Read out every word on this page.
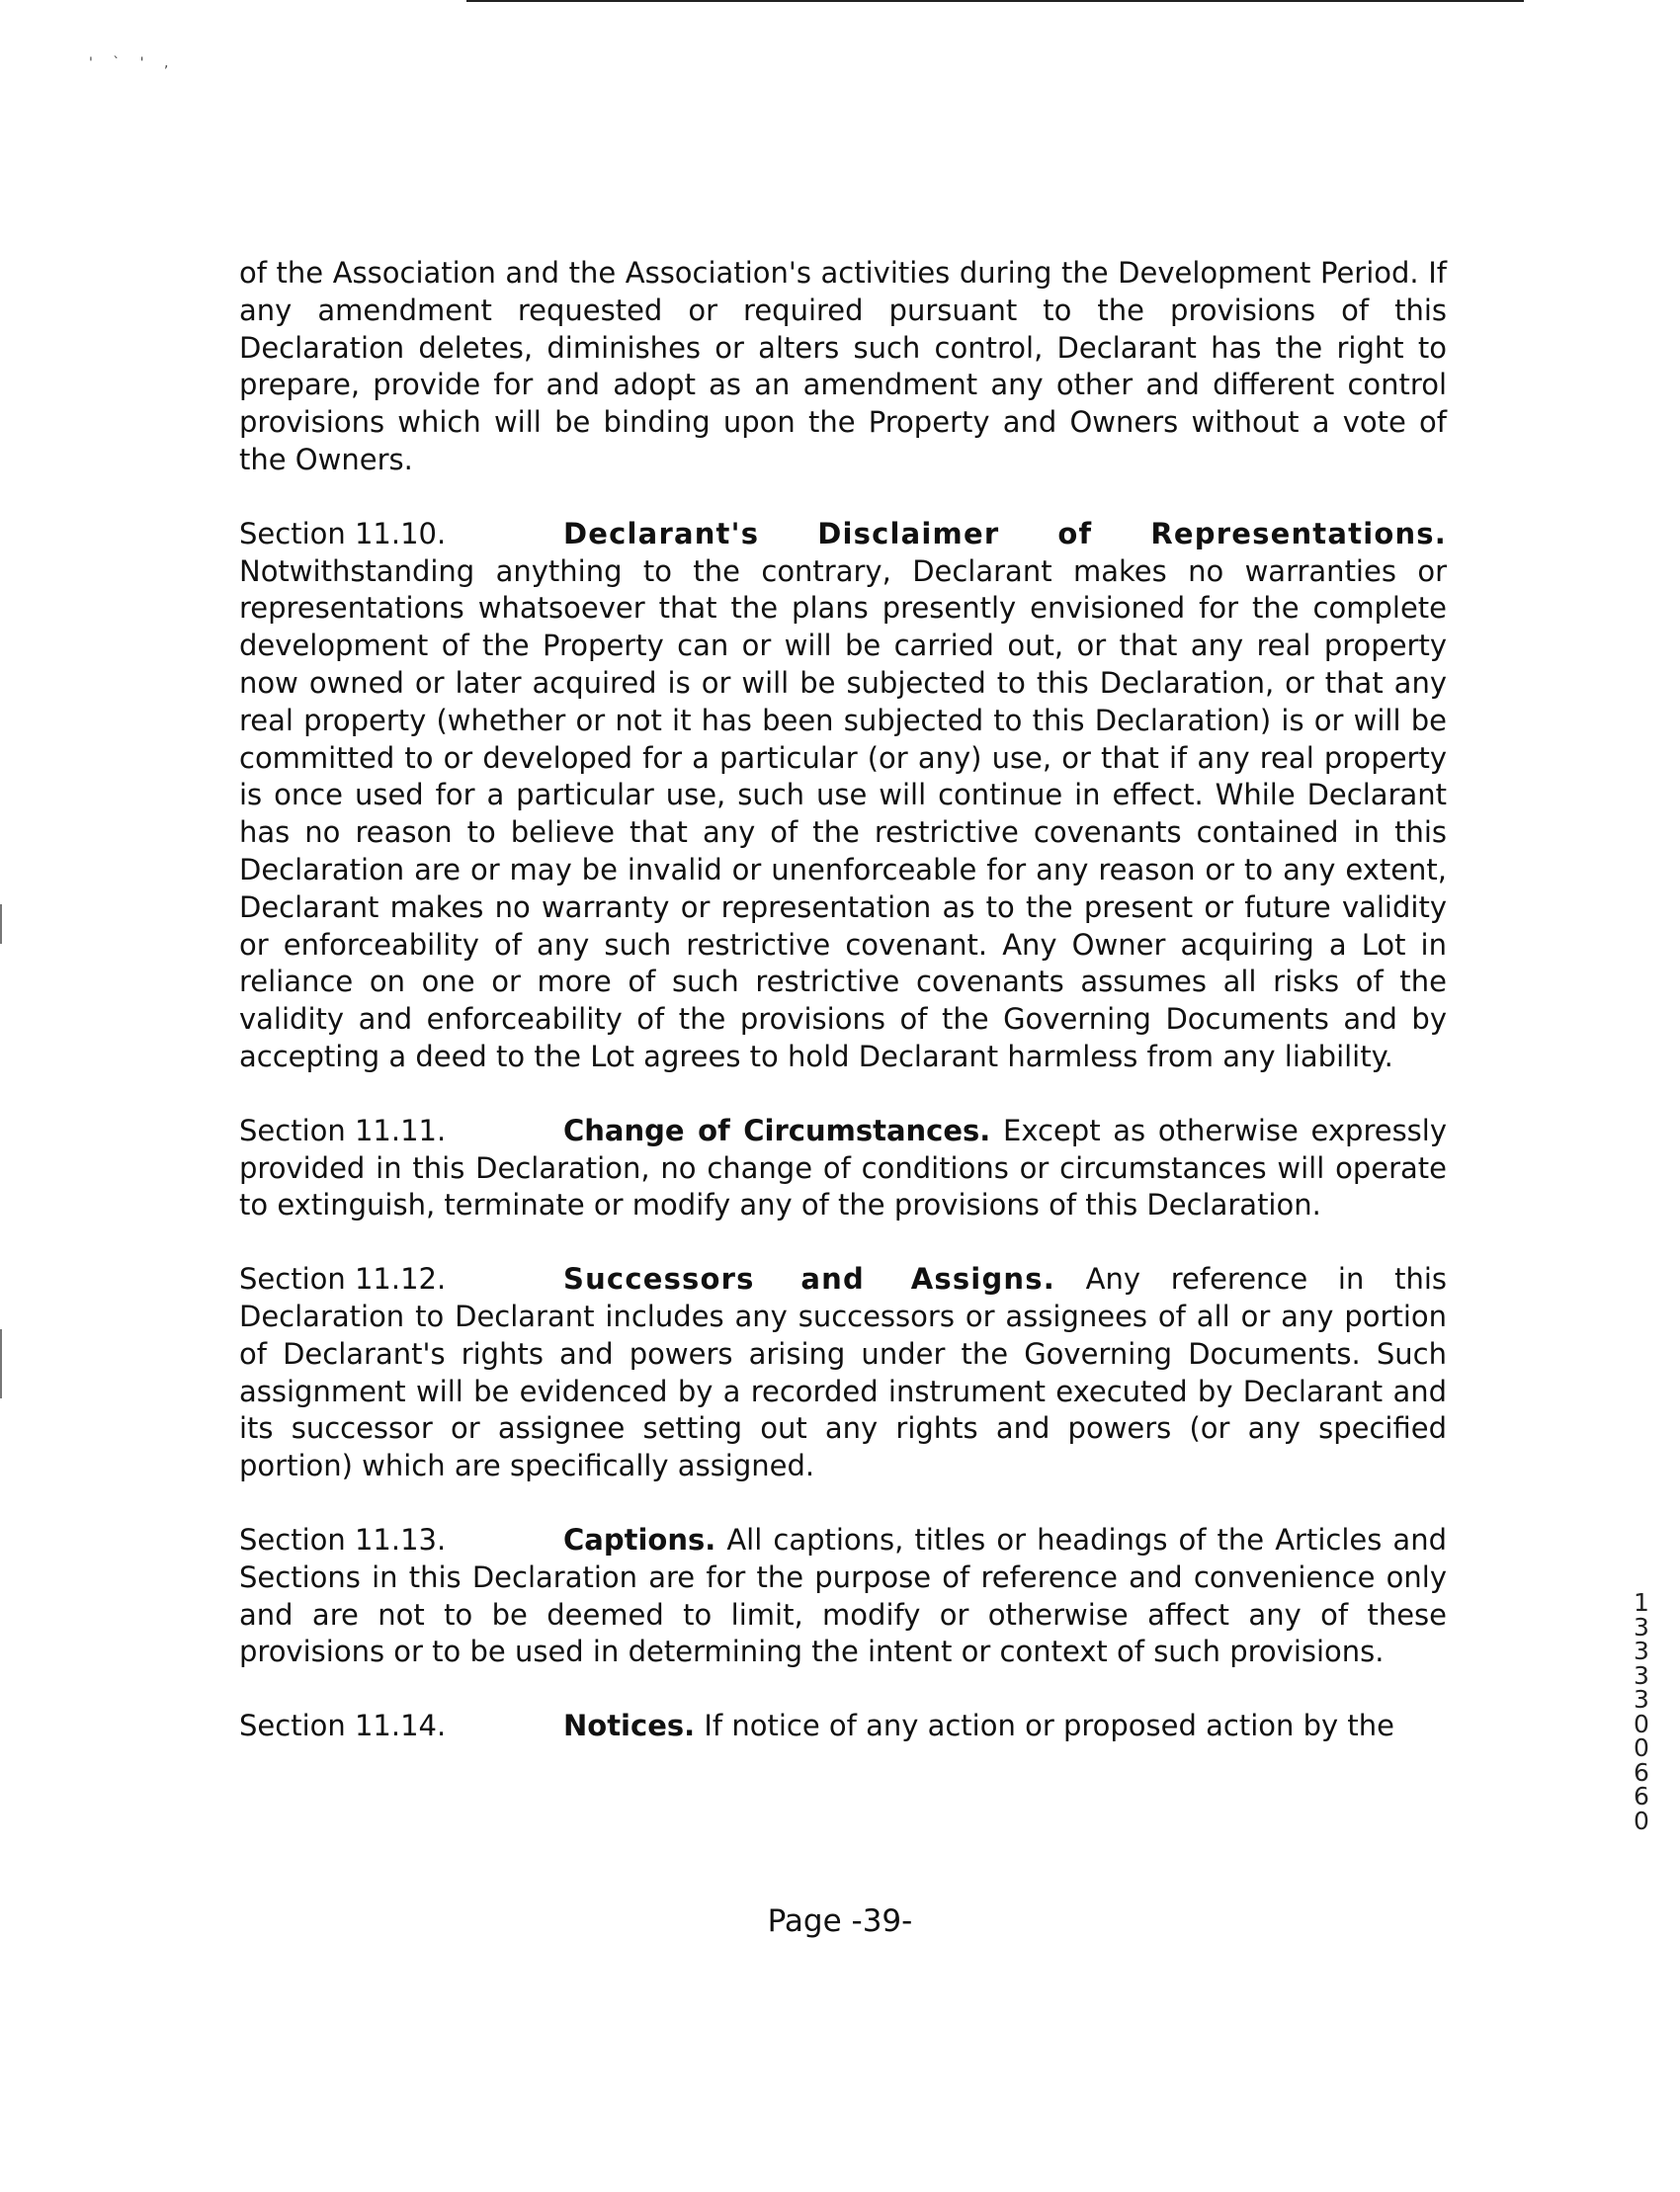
' ` ' ,

of the Association and the Association's activities during the Development Period. If any amendment requested or required pursuant to the provisions of this Declaration deletes, diminishes or alters such control, Declarant has the right to prepare, provide for and adopt as an amendment any other and different control provisions which will be binding upon the Property and Owners without a vote of the Owners.

Section 11.10.	Declarant's Disclaimer of Representations. Notwithstanding anything to the contrary, Declarant makes no warranties or representations whatsoever that the plans presently envisioned for the complete development of the Property can or will be carried out, or that any real property now owned or later acquired is or will be subjected to this Declaration, or that any real property (whether or not it has been subjected to this Declaration) is or will be committed to or developed for a particular (or any) use, or that if any real property is once used for a particular use, such use will continue in effect. While Declarant has no reason to believe that any of the restrictive covenants contained in this Declaration are or may be invalid or unenforceable for any reason or to any extent, Declarant makes no warranty or representation as to the present or future validity or enforceability of any such restrictive covenant. Any Owner acquiring a Lot in reliance on one or more of such restrictive covenants assumes all risks of the validity and enforceability of the provisions of the Governing Documents and by accepting a deed to the Lot agrees to hold Declarant harmless from any liability.

Section 11.11.	Change of Circumstances. Except as otherwise expressly provided in this Declaration, no change of conditions or circumstances will operate to extinguish, terminate or modify any of the provisions of this Declaration.

Section 11.12.	Successors and Assigns. Any reference in this Declaration to Declarant includes any successors or assignees of all or any portion of Declarant's rights and powers arising under the Governing Documents. Such assignment will be evidenced by a recorded instrument executed by Declarant and its successor or assignee setting out any rights and powers (or any specified portion) which are specifically assigned.

Section 11.13.	Captions. All captions, titles or headings of the Articles and Sections in this Declaration are for the purpose of reference and convenience only and are not to be deemed to limit, modify or otherwise affect any of these provisions or to be used in determining the intent or context of such provisions.

Section 11.14.	Notices. If notice of any action or proposed action by the

Page -39-
13333 00660
